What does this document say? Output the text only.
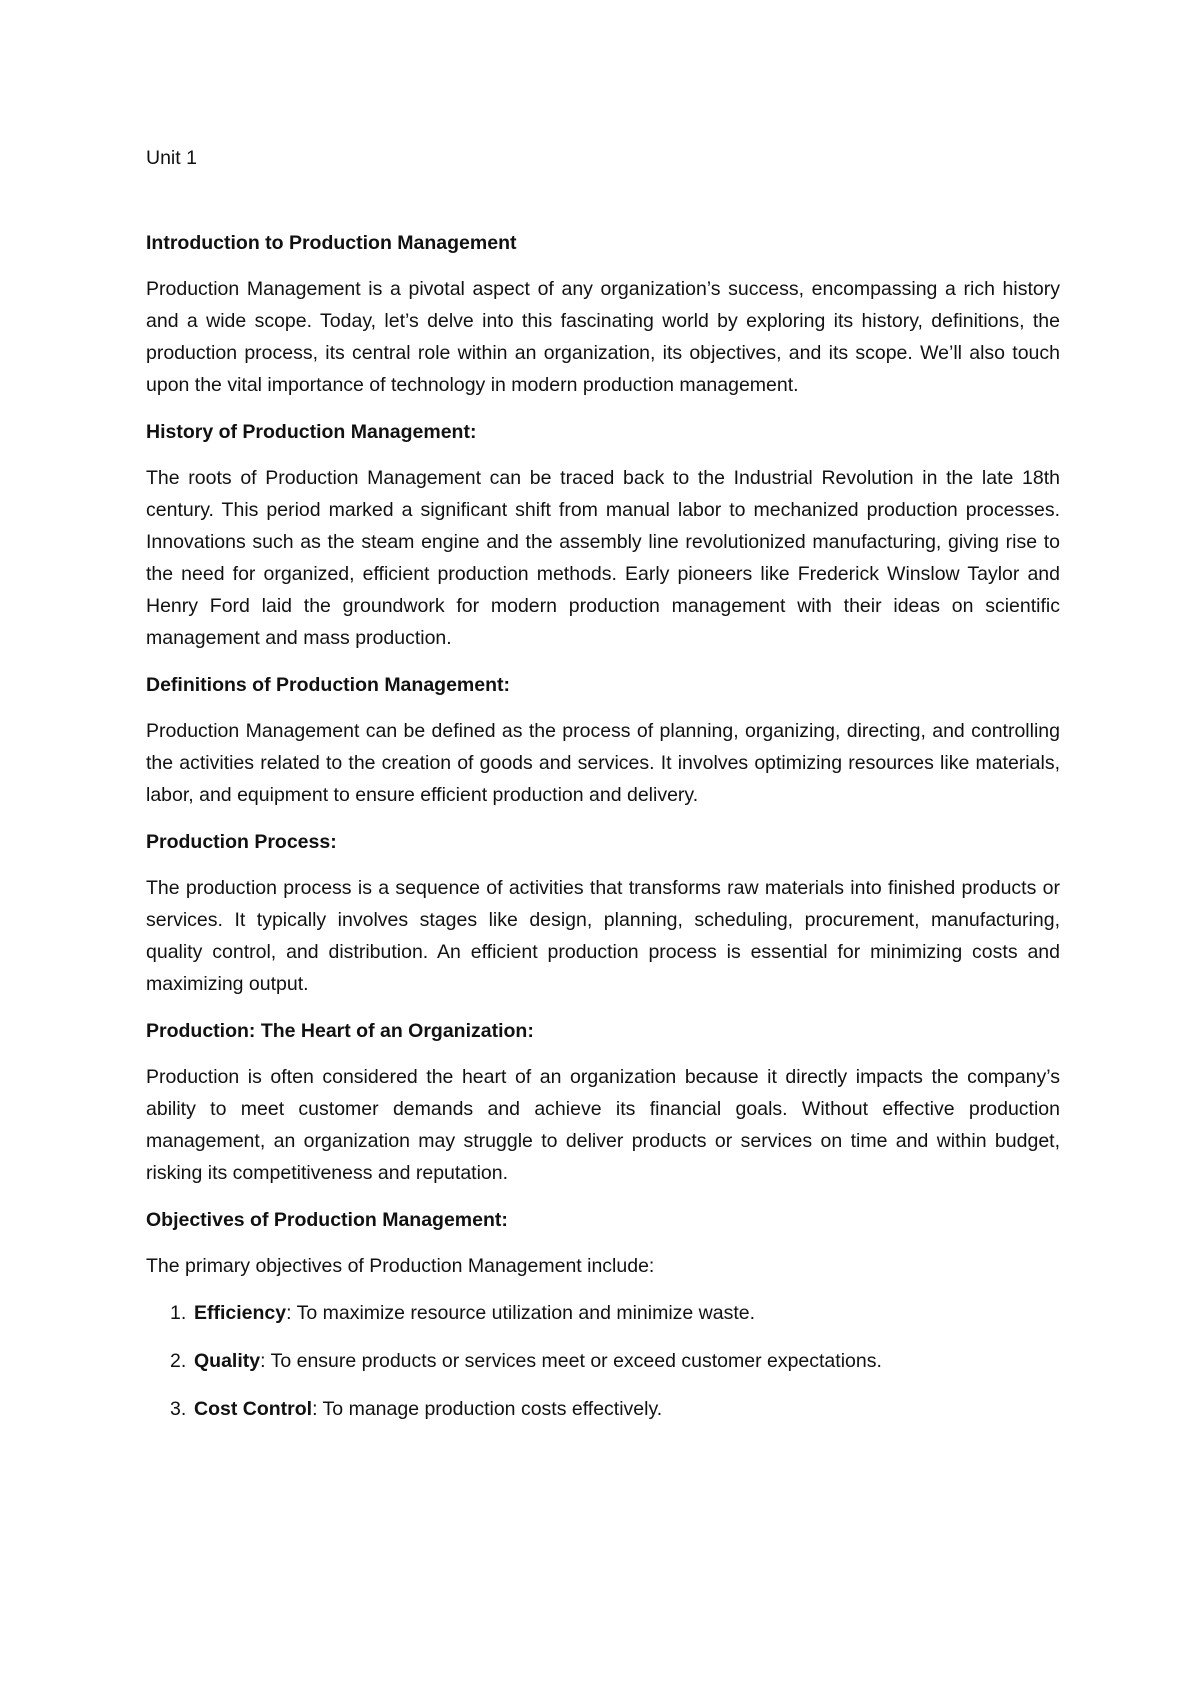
Unit 1

Introduction to Production Management

Production Management is a pivotal aspect of any organization’s success, encompassing a rich history and a wide scope. Today, let’s delve into this fascinating world by exploring its history, definitions, the production process, its central role within an organization, its objectives, and its scope. We’ll also touch upon the vital importance of technology in modern production management.

History of Production Management:

The roots of Production Management can be traced back to the Industrial Revolution in the late 18th century. This period marked a significant shift from manual labor to mechanized production processes. Innovations such as the steam engine and the assembly line revolutionized manufacturing, giving rise to the need for organized, efficient production methods. Early pioneers like Frederick Winslow Taylor and Henry Ford laid the groundwork for modern production management with their ideas on scientific management and mass production.

Definitions of Production Management:

Production Management can be defined as the process of planning, organizing, directing, and controlling the activities related to the creation of goods and services. It involves optimizing resources like materials, labor, and equipment to ensure efficient production and delivery.

Production Process:

The production process is a sequence of activities that transforms raw materials into finished products or services. It typically involves stages like design, planning, scheduling, procurement, manufacturing, quality control, and distribution. An efficient production process is essential for minimizing costs and maximizing output.

Production: The Heart of an Organization:

Production is often considered the heart of an organization because it directly impacts the company’s ability to meet customer demands and achieve its financial goals. Without effective production management, an organization may struggle to deliver products or services on time and within budget, risking its competitiveness and reputation.

Objectives of Production Management:

The primary objectives of Production Management include:

1. Efficiency: To maximize resource utilization and minimize waste.
2. Quality: To ensure products or services meet or exceed customer expectations.
3. Cost Control: To manage production costs effectively.
